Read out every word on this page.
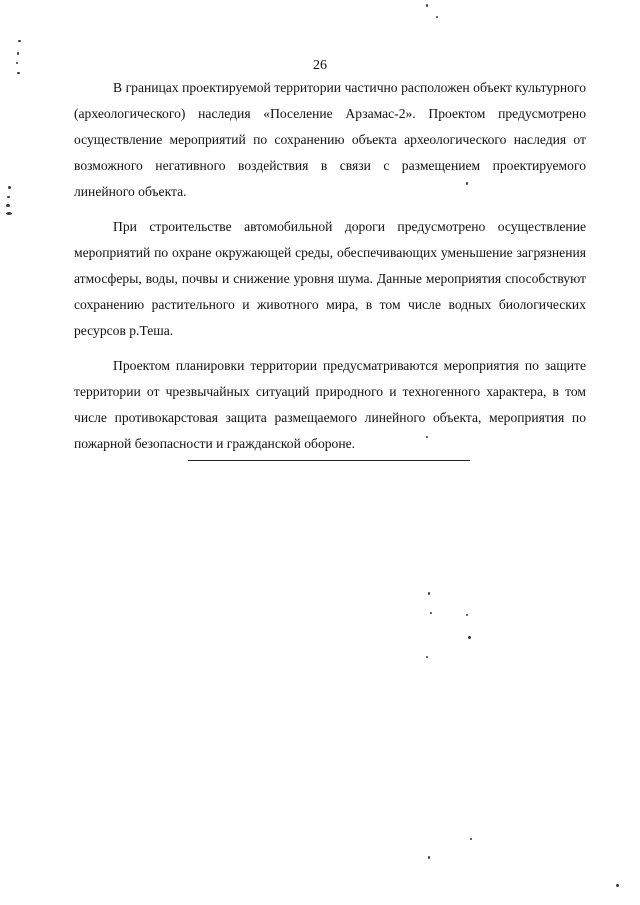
26

В границах проектируемой территории частично расположен объект культурного (археологического) наследия «Поселение Арзамас-2». Проектом предусмотрено осуществление мероприятий по сохранению объекта археологического наследия от возможного негативного воздействия в связи с размещением проектируемого линейного объекта.

При строительстве автомобильной дороги предусмотрено осуществление мероприятий по охране окружающей среды, обеспечивающих уменьшение загрязнения атмосферы, воды, почвы и снижение уровня шума. Данные мероприятия способствуют сохранению растительного и животного мира, в том числе водных биологических ресурсов р.Теша.

Проектом планировки территории предусматриваются мероприятия по защите территории от чрезвычайных ситуаций природного и техногенного характера, в том числе противокарстовая защита размещаемого линейного объекта, мероприятия по пожарной безопасности и гражданской обороне.
